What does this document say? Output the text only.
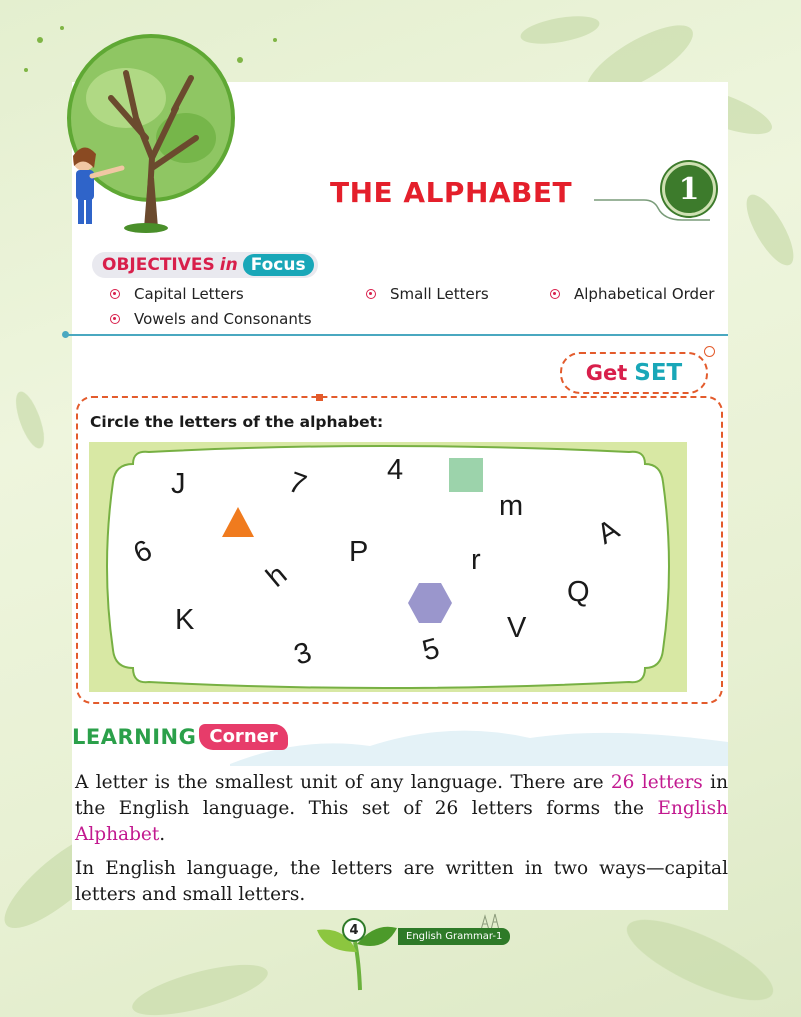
THE ALPHABET	1
OBJECTIVES in Focus
Capital Letters	Small Letters	Alphabetical Order
Vowels and Consonants
Get SET
Circle the letters of the alphabet:
J	7	4
m
A
6	P	r
h	Q
K	V
3	5
LEARNING Corner

A letter is the smallest unit of any language. There are 26 letters in the English language. This set of 26 letters forms the English Alphabet.

In English language, the letters are written in two ways—capital letters and small letters.

4	English Grammar-1
